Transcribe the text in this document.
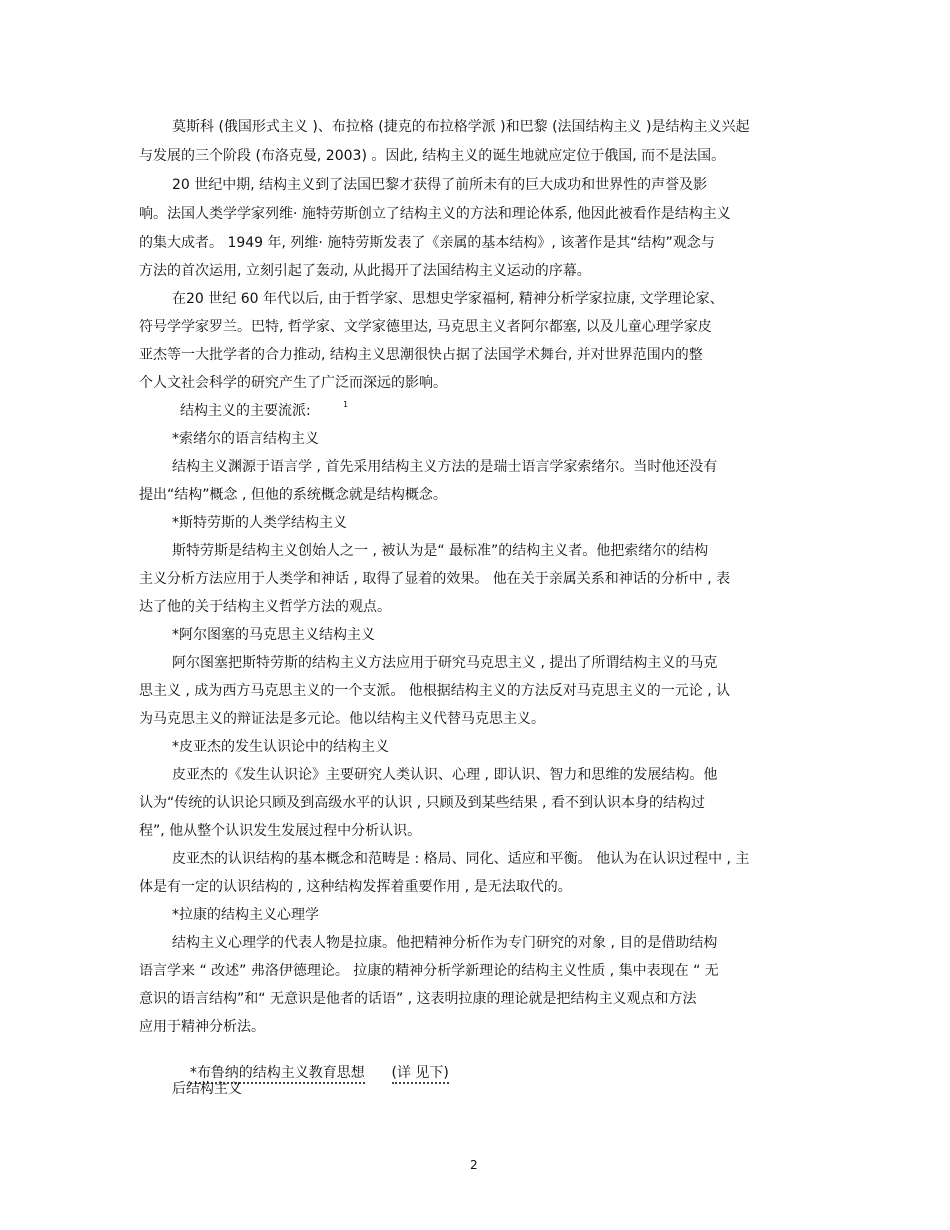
莫斯科 (俄国形式主义 )、布拉格 (捷克的布拉格学派 )和巴黎 (法国结构主义 )是结构主义兴起
与发展的三个阶段 (布洛克曼, 2003) 。因此, 结构主义的诞生地就应定位于俄国, 而不是法国。
20 世纪中期, 结构主义到了法国巴黎才获得了前所未有的巨大成功和世界性的声誉及影
响。法国人类学学家列维· 施特劳斯创立了结构主义的方法和理论体系, 他因此被看作是结构主义
的集大成者。 1949 年, 列维· 施特劳斯发表了《亲属的基本结构》, 该著作是其“结构”观念与
方法的首次运用, 立刻引起了轰动, 从此揭开了法国结构主义运动的序幕。
在20 世纪 60 年代以后, 由于哲学家、思想史学家福柯, 精神分析学家拉康, 文学理论家、
符号学学家罗兰。巴特, 哲学家、文学家德里达, 马克思主义者阿尔都塞, 以及儿童心理学家皮
亚杰等一大批学者的合力推动, 结构主义思潮很快占据了法国学术舞台, 并对世界范围内的整
个人文社会科学的研究产生了广泛而深远的影响。
结构主义的主要流派:	1
*索绪尔的语言结构主义
结构主义渊源于语言学 , 首先采用结构主义方法的是瑞士语言学家索绪尔。当时他还没有
提出“结构”概念 , 但他的系统概念就是结构概念。
*斯特劳斯的人类学结构主义
斯特劳斯是结构主义创始人之一 , 被认为是“ 最标准”的结构主义者。他把索绪尔的结构
主义分析方法应用于人类学和神话 , 取得了显着的效果。 他在关于亲属关系和神话的分析中 , 表
达了他的关于结构主义哲学方法的观点。
*阿尔图塞的马克思主义结构主义
阿尔图塞把斯特劳斯的结构主义方法应用于研究马克思主义 , 提出了所谓结构主义的马克
思主义 , 成为西方马克思主义的一个支派。 他根据结构主义的方法反对马克思主义的一元论 , 认
为马克思主义的辩证法是多元论。他以结构主义代替马克思主义。
*皮亚杰的发生认识论中的结构主义
皮亚杰的《发生认识论》主要研究人类认识、心理 , 即认识、智力和思维的发展结构。他
认为“传统的认识论只顾及到高级水平的认识 , 只顾及到某些结果 , 看不到认识本身的结构过
程”, 他从整个认识发生发展过程中分析认识。
皮亚杰的认识结构的基本概念和范畴是 : 格局、同化、适应和平衡。 他认为在认识过程中 , 主
体是有一定的认识结构的 , 这种结构发挥着重要作用 , 是无法取代的。
*拉康的结构主义心理学
结构主义心理学的代表人物是拉康。他把精神分析作为专门研究的对象 , 目的是借助结构
语言学来 “ 改述” 弗洛伊德理论。 拉康的精神分析学新理论的结构主义性质 , 集中表现在 “ 无
意识的语言结构”和“ 无意识是他者的话语” , 这表明拉康的理论就是把结构主义观点和方法
应用于精神分析法。

*布鲁纳的结构主义教育思想 (详 见下)

后结构主义
2
